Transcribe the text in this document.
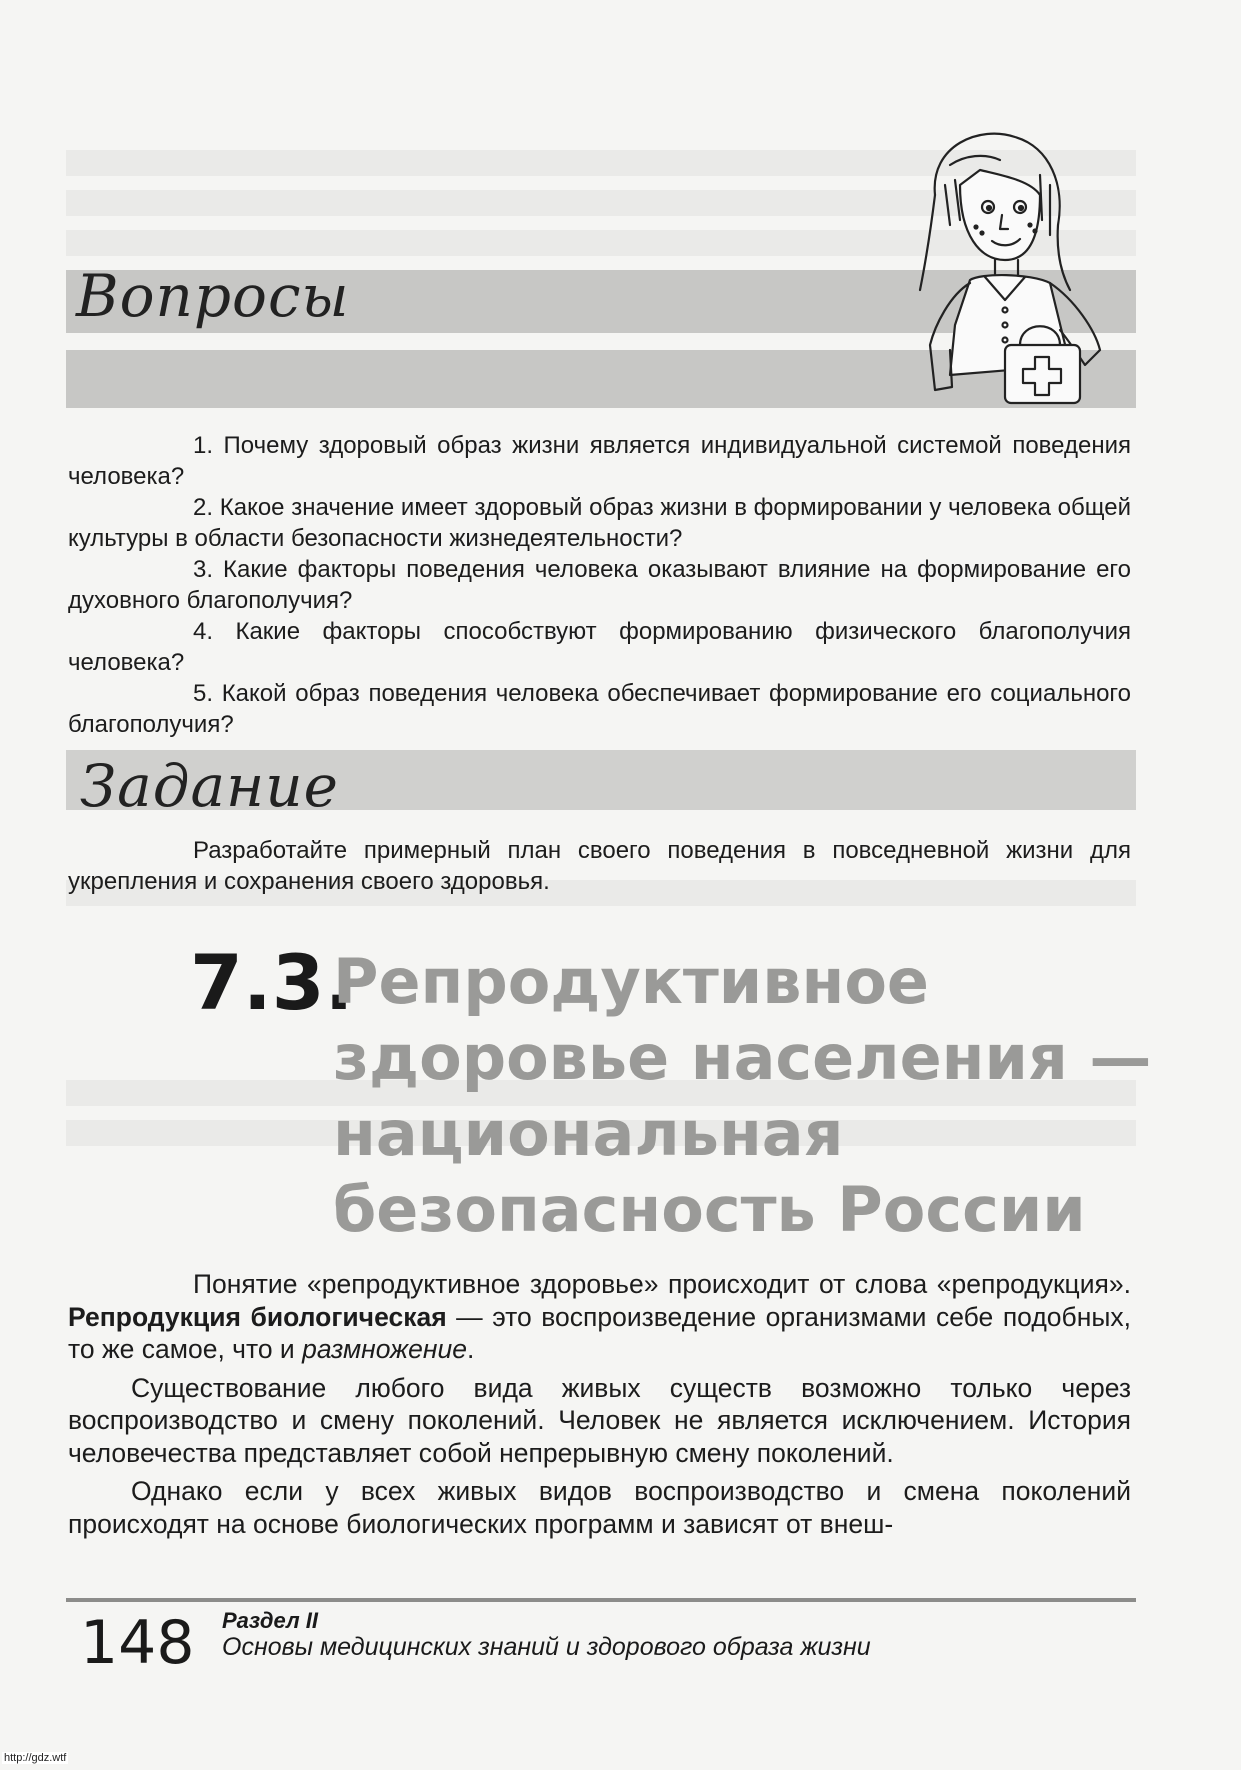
Вопросы

1. Почему здоровый образ жизни является индивидуальной системой поведения человека?

2. Какое значение имеет здоровый образ жизни в формировании у человека общей культуры в области безопасности жизнедеятельности?

3. Какие факторы поведения человека оказывают влияние на формирование его духовного благополучия?

4. Какие факторы способствуют формированию физического благополучия человека?

5. Какой образ поведения человека обеспечивает формирование его социального благополучия?

Задание

Разработайте примерный план своего поведения в повседневной жизни для укрепления и сохранения своего здоровья.

7.3.
Репродуктивное
здоровье населения —
национальная
безопасность России

Понятие «репродуктивное здоровье» происходит от слова «репродукция». Репродукция биологическая — это воспроизведение организмами себе подобных, то же самое, что и размножение.

Существование любого вида живых существ возможно только через воспроизводство и смену поколений. Человек не является исключением. История человечества представляет собой непрерывную смену поколений.

Однако если у всех живых видов воспроизводство и смена поколений происходят на основе биологических программ и зависят от внеш-

148 Раздел II
Основы медицинских знаний и здорового образа жизни
http://gdz.wtf
